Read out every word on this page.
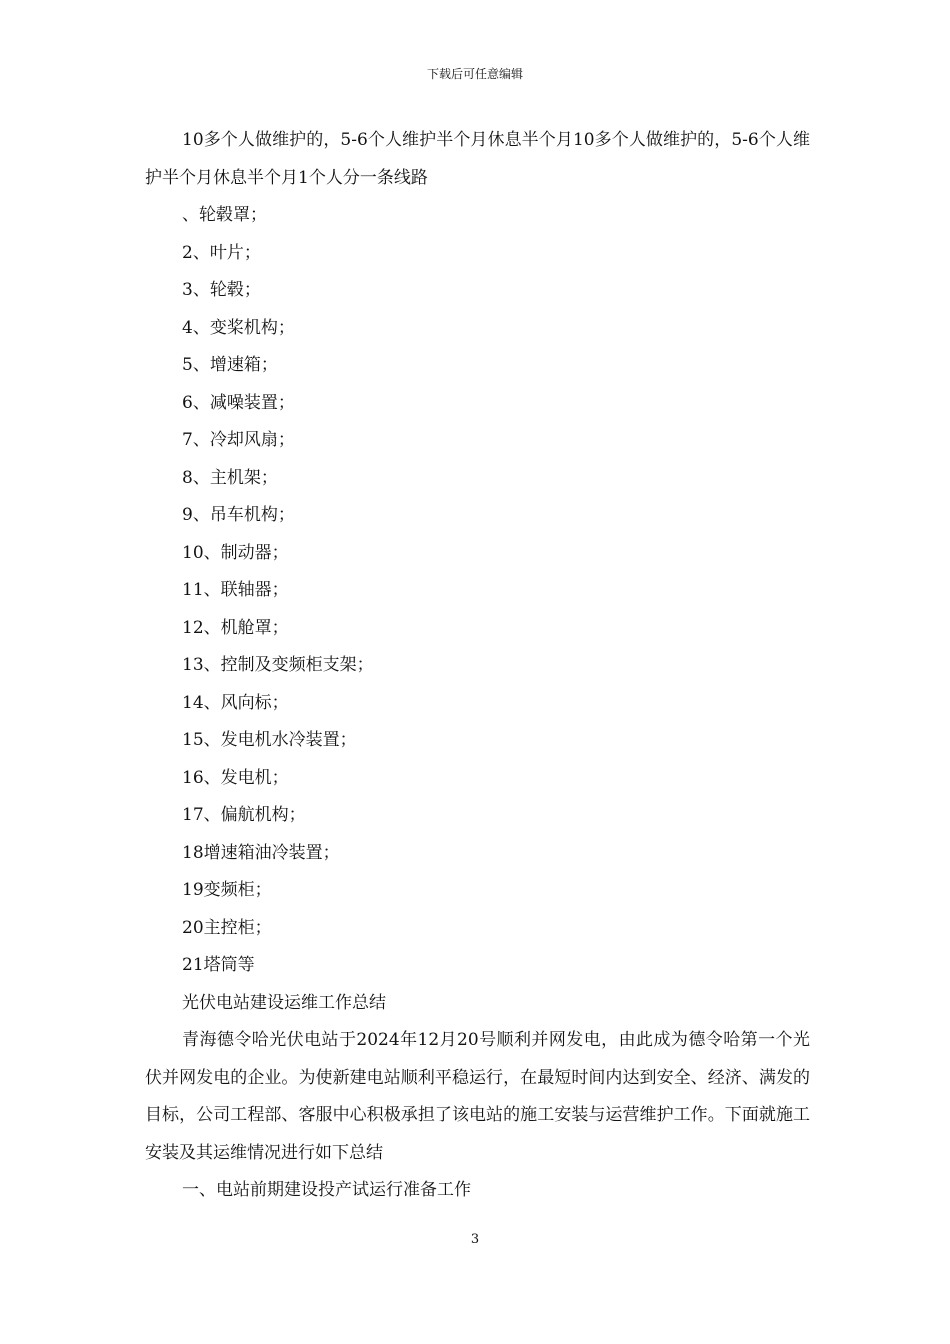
下载后可任意编辑

10多个人做维护的，5-6个人维护半个月休息半个月10多个人做维护的，5-6个人维护半个月休息半个月1个人分一条线路

、轮毂罩；

2、叶片；

3、轮毂；

4、变桨机构；

5、增速箱；

6、减噪装置；

7、冷却风扇；

8、主机架；

9、吊车机构；

10、制动器；

11、联轴器；

12、机舱罩；

13、控制及变频柜支架；

14、风向标；

15、发电机水冷装置；

16、发电机；

17、偏航机构；

18增速箱油冷装置；

19变频柜；

20主控柜；

21塔筒等

光伏电站建设运维工作总结

青海德令哈光伏电站于2024年12月20号顺利并网发电，由此成为德令哈第一个光伏并网发电的企业。为使新建电站顺利平稳运行，在最短时间内达到安全、经济、满发的目标，公司工程部、客服中心积极承担了该电站的施工安装与运营维护工作。下面就施工安装及其运维情况进行如下总结

一、电站前期建设投产试运行准备工作

3
